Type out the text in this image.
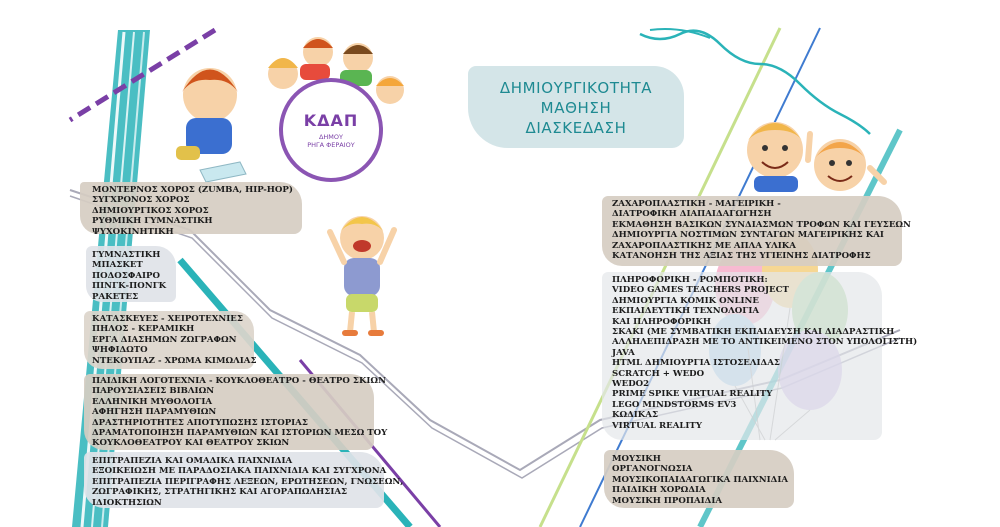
ΚΔΑΠ
ΔΗΜΟΥ
ΡΗΓΑ ΦΕΡΑΙΟΥ
ΔΗΜΙΟΥΡΓΙΚΟΤΗΤΑ
ΜΑΘΗΣΗ
ΔΙΑΣΚΕΔΑΣΗ
ΜΟΝΤΕΡΝΟΣ ΧΟΡΟΣ (ZUMBA, HIP-HOP)
ΣΥΓΧΡΟΝΟΣ ΧΟΡΟΣ
ΔΗΜΙΟΥΡΓΙΚΟΣ ΧΟΡΟΣ
ΡΥΘΜΙΚΗ ΓΥΜΝΑΣΤΙΚΗ
ΨΥΧΟΚΙΝΗΤΙΚΗ
ΓΥΜΝΑΣΤΙΚΗ
ΜΠΑΣΚΕΤ
ΠΟΔΟΣΦΑΙΡΟ
ΠΙΝΓΚ-ΠΟΝΓΚ
ΡΑΚΕΤΕΣ
ΚΑΤΑΣΚΕΥΕΣ - ΧΕΙΡΟΤΕΧΝΙΕΣ
ΠΗΛΟΣ - ΚΕΡΑΜΙΚΗ
ΕΡΓΑ ΔΙΑΣΗΜΩΝ ΖΩΓΡΑΦΩΝ
ΨΗΦΙΔΩΤΟ
ΝΤΕΚΟΥΠΑΖ - ΧΡΩΜΑ ΚΙΜΩΛΙΑΣ
ΠΑΙΔΙΚΗ ΛΟΓΟΤΕΧΝΙΑ - ΚΟΥΚΛΟΘΕΑΤΡΟ - ΘΕΑΤΡΟ ΣΚΙΩΝ
ΠΑΡΟΥΣΙΑΣΕΙΣ ΒΙΒΛΙΩΝ
ΕΛΛΗΝΙΚΗ ΜΥΘΟΛΟΓΙΑ
ΑΦΗΓΗΣΗ ΠΑΡΑΜΥΘΙΩΝ
ΔΡΑΣΤΗΡΙΟΤΗΤΕΣ ΑΠΟΤΥΠΩΣΗΣ ΙΣΤΟΡΙΑΣ
ΔΡΑΜΑΤΟΠΟΙΗΣΗ ΠΑΡΑΜΥΘΙΩΝ ΚΑΙ ΙΣΤΟΡΙΩΝ ΜΕΣΩ ΤΟΥ
ΚΟΥΚΛΟΘΕΑΤΡΟΥ ΚΑΙ ΘΕΑΤΡΟΥ ΣΚΙΩΝ
ΕΠΙΤΡΑΠΕΖΙΑ ΚΑΙ ΟΜΑΔΙΚΑ ΠΑΙΧΝΙΔΙΑ
ΕΞΟΙΚΕΙΩΣΗ ΜΕ ΠΑΡΑΔΟΣΙΑΚΑ ΠΑΙΧΝΙΔΙΑ ΚΑΙ ΣΥΓΧΡΟΝΑ
ΕΠΙΤΡΑΠΕΖΙΑ ΠΕΡΙΓΡΑΦΗΣ ΛΕΞΕΩΝ, ΕΡΩΤΗΣΕΩΝ, ΓΝΩΣΕΩΝ,
ΖΩΓΡΑΦΙΚΗΣ, ΣΤΡΑΤΗΓΙΚΗΣ ΚΑΙ ΑΓΟΡΑΠΩΛΗΣΙΑΣ
ΙΔΙΟΚΤΗΣΙΩΝ
ΖΑΧΑΡΟΠΛΑΣΤΙΚΗ - ΜΑΓΕΙΡΙΚΗ -
ΔΙΑΤΡΟΦΙΚΗ ΔΙΑΠΑΙΔΑΓΩΓΗΣΗ
ΕΚΜΑΘΗΣΗ ΒΑΣΙΚΩΝ ΣΥΝΔΙΑΣΜΩΝ ΤΡΟΦΩΝ ΚΑΙ ΓΕΥΣΕΩΝ
ΔΗΜΙΟΥΡΓΙΑ ΝΟΣΤΙΜΩΝ ΣΥΝΤΑΓΩΝ ΜΑΓΕΙΡΙΚΗΣ ΚΑΙ
ΖΑΧΑΡΟΠΛΑΣΤΙΚΗΣ ΜΕ ΑΠΛΑ ΥΛΙΚΑ
ΚΑΤΑΝΟΗΣΗ ΤΗΣ ΑΞΙΑΣ ΤΗΣ ΥΓΙΕΙΝΗΣ ΔΙΑΤΡΟΦΗΣ
ΠΛΗΡΟΦΟΡΙΚΗ - ΡΟΜΠΟΤΙΚΗ:
VIDEO GAMES TEACHERS PROJECT
ΔΗΜΙΟΥΡΓΙΑ ΚΟΜΙΚ ONLINE
ΕΚΠΑΙΔΕΥΤΙΚΗ ΤΕΧΝΟΛΟΓΙΑ
ΚΑΙ ΠΛΗΡΟΦΟΡΙΚΗ
ΣΚΑΚΙ (ΜΕ ΣΥΜΒΑΤΙΚΗ ΕΚΠΑΙΔΕΥΣΗ ΚΑΙ ΔΙΑΔΡΑΣΤΙΚΗ
ΑΛΛΗΛΕΠΙΔΡΑΣΗ ΜΕ ΤΟ ΑΝΤΙΚΕΙΜΕΝΟ ΣΤΟΝ ΥΠΟΛΟΓΙΣΤΗ)
JAVA
HTML ΔΗΜΙΟΥΡΓΙΑ ΙΣΤΟΣΕΛΙΔΑΣ
SCRATCH + WEDO
WEDO2
PRIME SPIKE VIRTUAL REALITY
LEGO MINDSTORMS EV3
ΚΩΔΙΚΑΣ
VIRTUAL REALITY
ΜΟΥΣΙΚΗ
ΟΡΓΑΝΟΓΝΩΣΙΑ
ΜΟΥΣΙΚΟΠΑΙΔΑΓΩΓΙΚΑ ΠΑΙΧΝΙΔΙΑ
ΠΑΙΔΙΚΗ ΧΟΡΩΔΙΑ
ΜΟΥΣΙΚΗ ΠΡΟΠΑΙΔΙΑ
